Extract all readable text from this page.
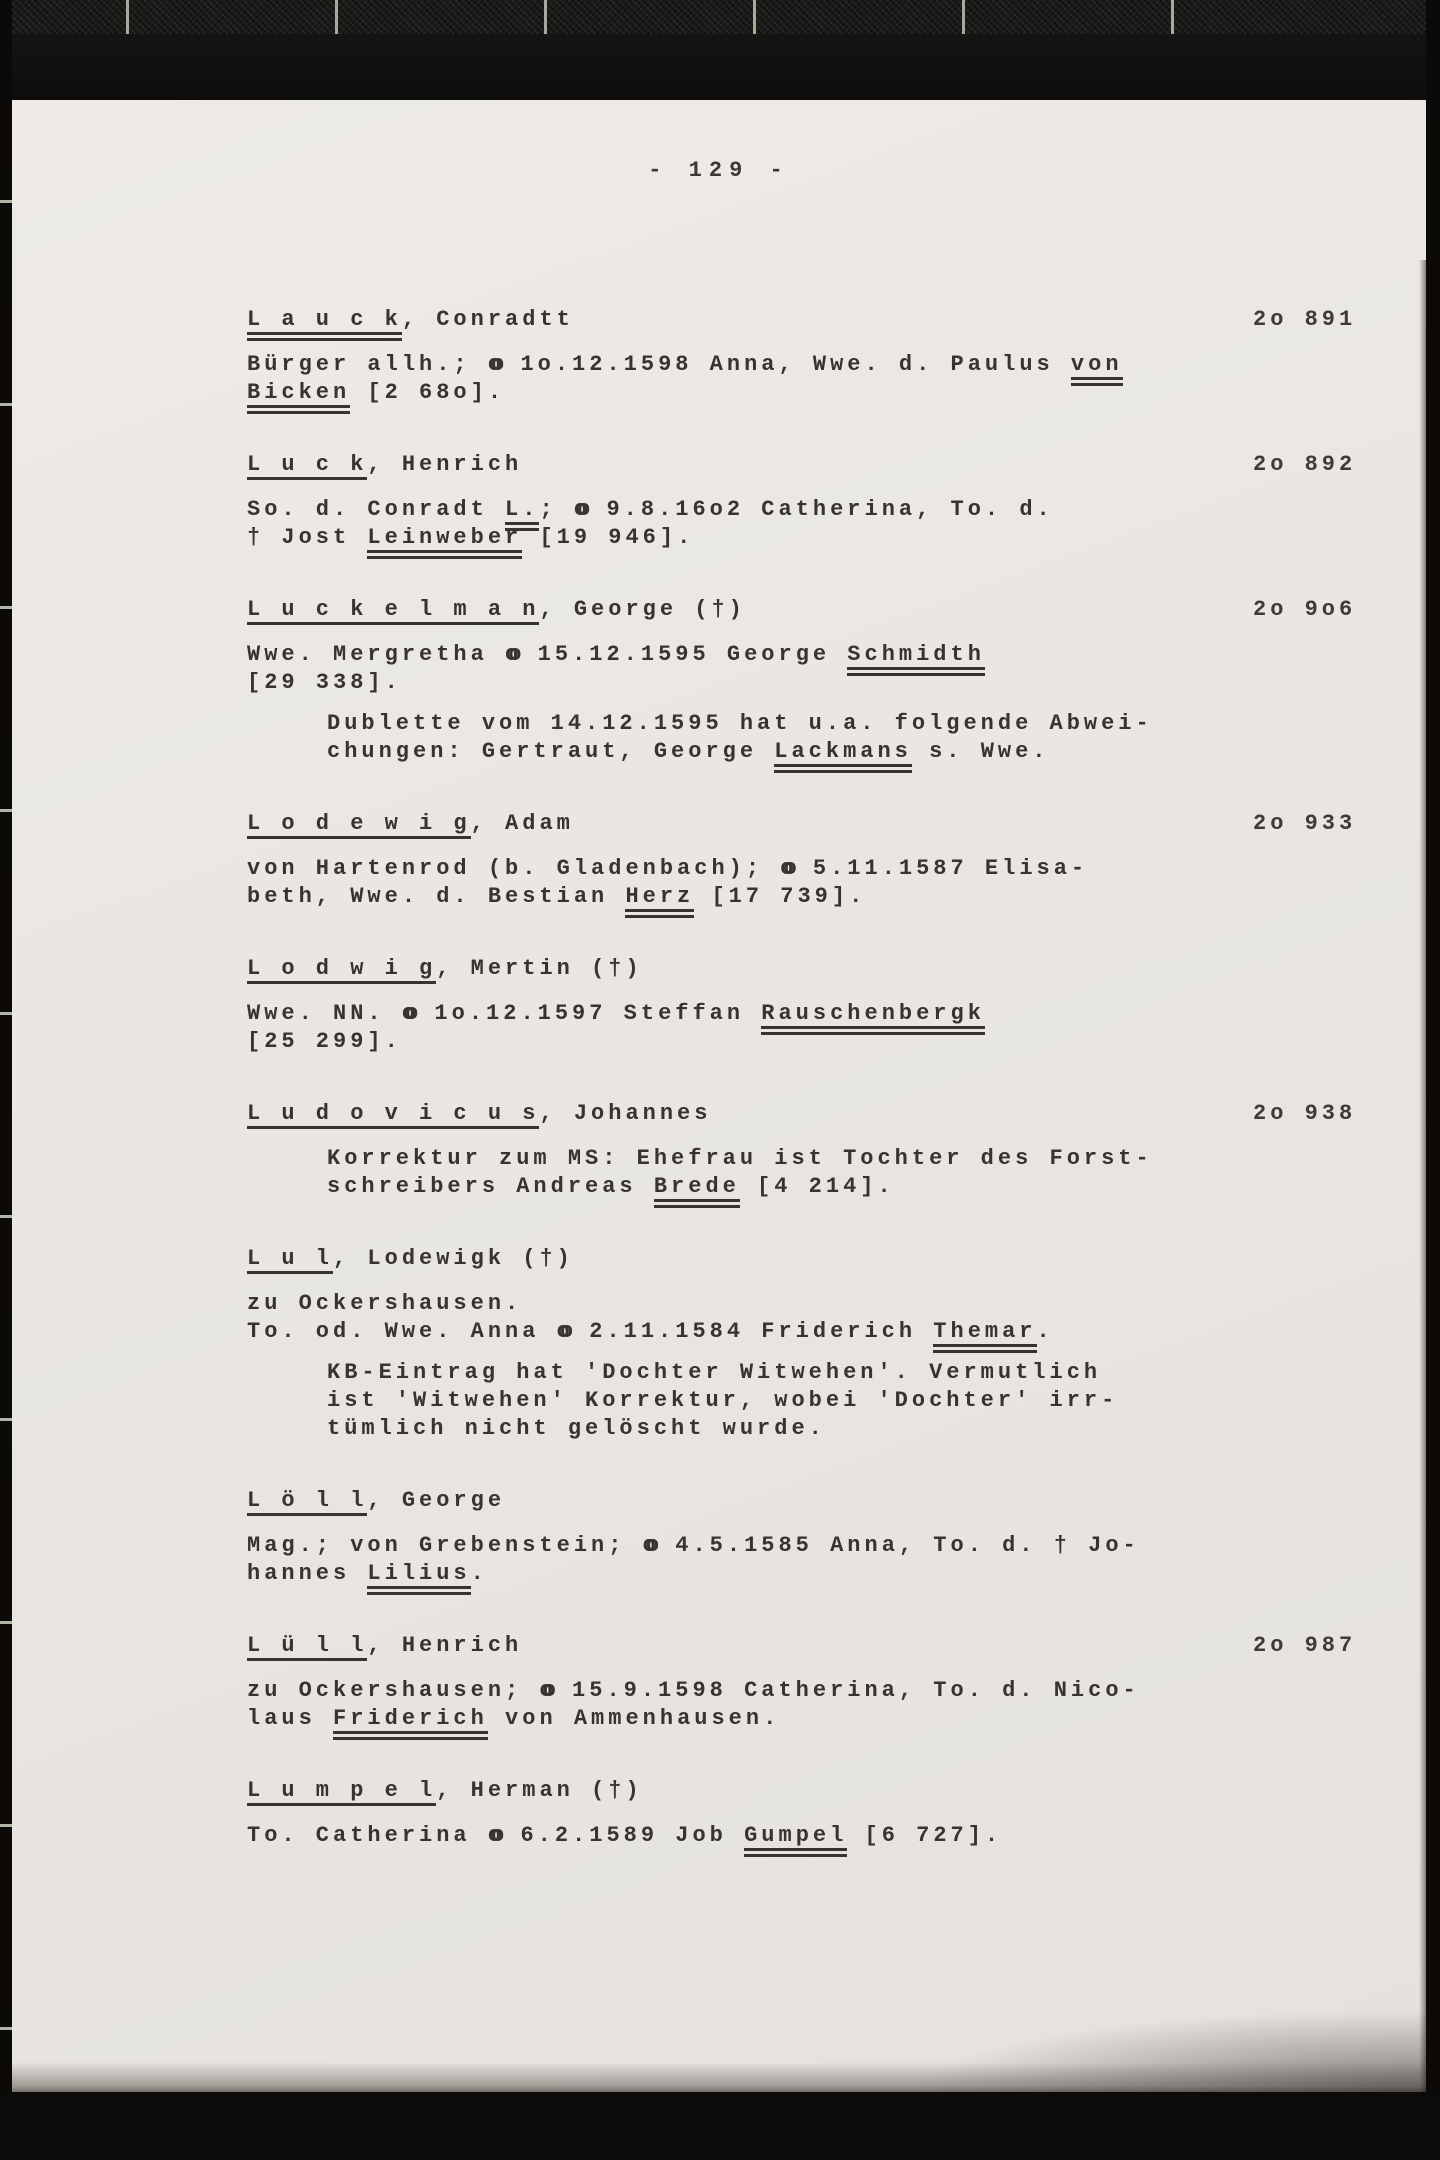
- 129 -
L a u c k, Conradtt	2o 891
Bürger allh.; oo 1o.12.1598 Anna, Wwe. d. Paulus von
Bicken [2 68o].
L u c k, Henrich	2o 892
So. d. Conradt L.; oo 9.8.16o2 Catherina, To. d.
† Jost Leinweber [19 946].
L u c k e l m a n, George (†)	2o 9o6
Wwe. Mergretha oo 15.12.1595 George Schmidth
[29 338].
Dublette vom 14.12.1595 hat u.a. folgende Abwei-
chungen: Gertraut, George Lackmans s. Wwe.
L o d e w i g, Adam	2o 933
von Hartenrod (b. Gladenbach); oo 5.11.1587 Elisa-
beth, Wwe. d. Bestian Herz [17 739].
L o d w i g, Mertin (†)
Wwe. NN. oo 1o.12.1597 Steffan Rauschenbergk
[25 299].
L u d o v i c u s, Johannes	2o 938
Korrektur zum MS: Ehefrau ist Tochter des Forst-
schreibers Andreas Brede [4 214].
L u l, Lodewigk (†)
zu Ockershausen.
To. od. Wwe. Anna oo 2.11.1584 Friderich Themar.
KB-Eintrag hat 'Dochter Witwehen'. Vermutlich
ist 'Witwehen' Korrektur, wobei 'Dochter' irr-
tümlich nicht gelöscht wurde.
L ö l l, George
Mag.; von Grebenstein; oo 4.5.1585 Anna, To. d. † Jo-
hannes Lilius.
L ü l l, Henrich	2o 987
zu Ockershausen; oo 15.9.1598 Catherina, To. d. Nico-
laus Friderich von Ammenhausen.
L u m p e l, Herman (†)
To. Catherina oo 6.2.1589 Job Gumpel [6 727].
